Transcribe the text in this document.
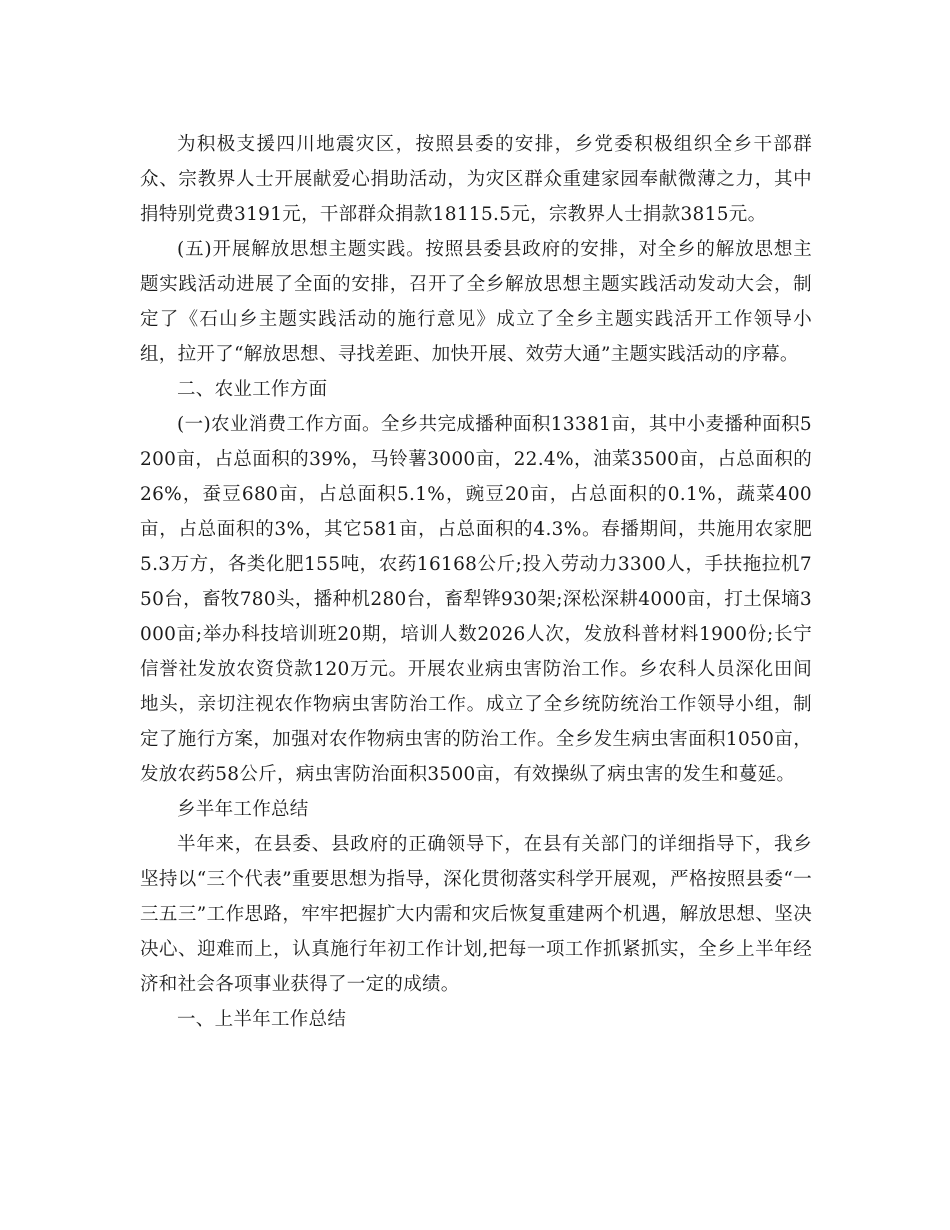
为积极支援四川地震灾区，按照县委的安排，乡党委积极组织全乡干部群众、宗教界人士开展献爱心捐助活动，为灾区群众重建家园奉献微薄之力，其中捐特别党费3191元，干部群众捐款18115.5元，宗教界人士捐款3815元。

(五)开展解放思想主题实践。按照县委县政府的安排，对全乡的解放思想主题实践活动进展了全面的安排，召开了全乡解放思想主题实践活动发动大会，制定了《石山乡主题实践活动的施行意见》成立了全乡主题实践活开工作领导小组，拉开了“解放思想、寻找差距、加快开展、效劳大通”主题实践活动的序幕。

二、农业工作方面

(一)农业消费工作方面。全乡共完成播种面积13381亩，其中小麦播种面积5200亩，占总面积的39%，马铃薯3000亩，22.4%，油菜3500亩，占总面积的26%，蚕豆680亩，占总面积5.1%，豌豆20亩，占总面积的0.1%，蔬菜400亩，占总面积的3%，其它581亩，占总面积的4.3%。春播期间，共施用农家肥5.3万方，各类化肥155吨，农药16168公斤;投入劳动力3300人，手扶拖拉机750台，畜牧780头，播种机280台，畜犁铧930架;深松深耕4000亩，打土保墒3000亩;举办科技培训班20期，培训人数2026人次，发放科普材料1900份;长宁信誉社发放农资贷款120万元。开展农业病虫害防治工作。乡农科人员深化田间地头，亲切注视农作物病虫害防治工作。成立了全乡统防统治工作领导小组，制定了施行方案，加强对农作物病虫害的防治工作。全乡发生病虫害面积1050亩，发放农药58公斤，病虫害防治面积3500亩，有效操纵了病虫害的发生和蔓延。

乡半年工作总结

半年来，在县委、县政府的正确领导下，在县有关部门的详细指导下，我乡坚持以“三个代表”重要思想为指导，深化贯彻落实科学开展观，严格按照县委“一三五三”工作思路，牢牢把握扩大内需和灾后恢复重建两个机遇，解放思想、坚决决心、迎难而上，认真施行年初工作计划,把每一项工作抓紧抓实，全乡上半年经济和社会各项事业获得了一定的成绩。

一、上半年工作总结
